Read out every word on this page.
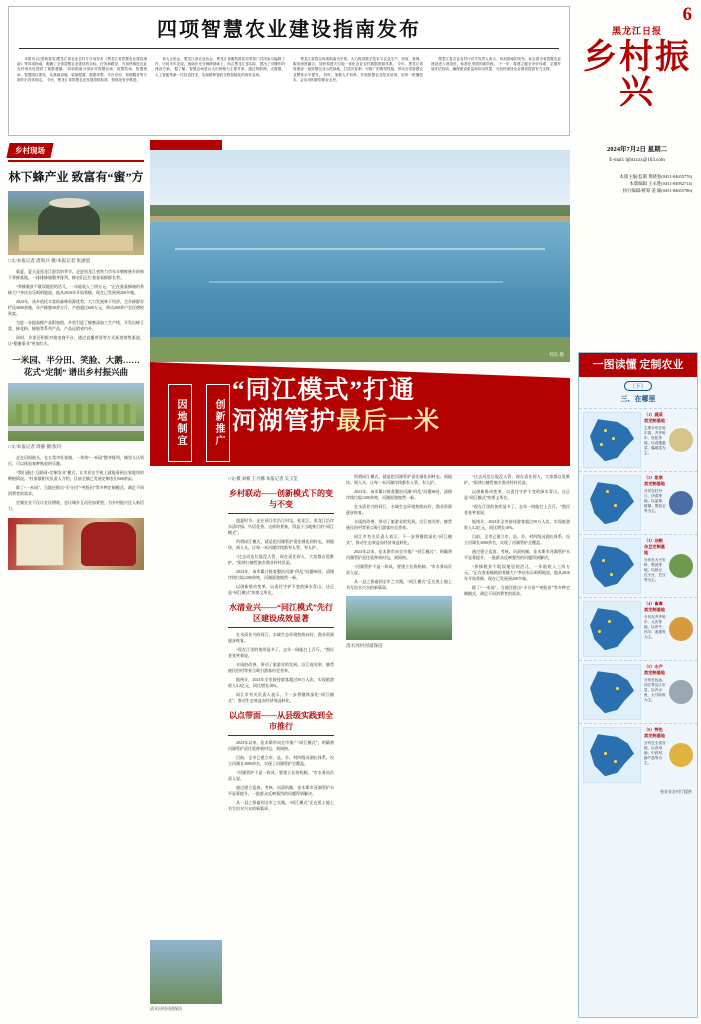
四项智慧农业建设指南发布

本报讯 (记者黄春英)黑龙江省农业农村厅日前发布《黑龙江省智慧农业建设指南》等四项指南，明确了全省智慧农业建设的目标、任务和路径，为加快推进农业农村现代化提供了重要遵循。 四项指南分别针对智慧农场、智慧牧场、智慧渔场、智慧园区建设，从基础设施、装备配置、数据采集、平台应用、管理服务等方面作出具体规定。 今后，黑龙江省智慧农业发展将按标准、按规范有序推进。

省大豆协会、黑龙江省农业协会、黑龙江省畜牧兽医局等部门共同参与编制工作，历时半年完成。指南在充分调研基础上，结合黑龙江省实际，提出了可操作的建设方案。 据了解，智慧农场是以大田种植为主要对象，通过物联网、大数据、人工智能等新一代信息技术，实现耕种管收全程智能化的现代农场。

黑龙江省将以四项指南为引领，大力推进数字技术与农业生产、经营、管理、服务深度融合，加快构建天空地一体化农业农村数据资源体系。 今年，黑龙江省将建设一批智慧农业示范基地，打造可复制、可推广的典型样板，带动全省智慧农业整体水平提升。 同时，加强人才培养，开展智慧农业技术培训，培育一批懂技术、会应用的新型职业农民。

黑龙江省农业农村厅有关负责人表示，四项指南的发布，标志着全省智慧农业建设进入规范化、标准化发展的新阶段。 下一步，将建立健全评价体系，定期开展评估验收，确保建设质量和应用效果，为加快建设农业强省提供有力支撑。

6
黑龙江日报
乡村振兴
2024年7月2日 星期二
E-mail: hjbtxczx@163.com
本版主编/监制 黄晓春(0451-84655776)
本版编辑 王永胜(0451-84082714)
执行编辑/统筹 姜 颖(0451-84655786)
乡村现场
林下蜂产业 致富有“蜜”方
□文/本报记者 唐海兵 摄/本报记者 张澍宸

临夏，夏天是黑龙江最美的季节。走进黑龙江省铁力市年丰朝鲜族乡的林下养蜂基地，一排排蜂箱整齐排列，蜂农们正忙着查看蜂群长势。

“养蜂脱贫不耽误地里的活儿，一年能收入三四万元。”正在查看蜂箱的养蜂大户李庆东乐呵呵地说，他从2016年开始养蜂，现在已发展到200多箱。

2023年，该乡依托丰富的森林资源优势，大力发展林下经济，全乡蜂群存栏达3000余箱，年产蜂蜜30余万斤，产值超过600万元，带动200余户农民增收致富。

为进一步提高蜂产品附加值，乡里引进了蜂蜜深加工生产线，开发出蜂王浆、蜂花粉、蜂胶等系列产品，产品远销省内外。

同时，乡里还积极对接电商平台，通过直播带货等方式拓宽销售渠道，让“甜蜜事业”更加红火。

一米园、半分田、笑脸、大鹅…… 花式“定制” 谱出乡村振兴曲
□文/本报记者 周静 摄/张玲

走在田间地头，在五常市杜家镇，一块块“一米园”整齐排列，城里人认领后，可以体验春种秋收的乐趣。

“我们通过‘互联网+定制农业’模式，让市民在手机上就能看到自家地块的种植情况。”杜家镇相关负责人介绍，目前全镇已发展定制农田500余亩。

除了“一米园”，当地还推出“半分田”“笑脸田”等多种定制模式，满足不同消费者的需求。

定制农业不仅让农民增收，也让城乡互动更加紧密，为乡村振兴注入新活力。

何东 摄
因地制宜	创新推广
“同江模式”打通
河湖管护最后一米
□文/摄 刘栋 王月娜 本报记者 吴玉玺
乡村联动——创新模式下的变与不变

盛夏时节，走在同江市沿江村屯，松花江、黑龙江沿岸水清岸绿、鸟语花香。这样的景象，得益于当地推行的“同江模式”。

所谓同江模式，就是把河湖管护责任细化到村屯、到地块、到人头，让每一米河湖岸线都有人管、有人护。

“过去河边垃圾没人管，现在责任到人，大家都自觉维护。”街津口赫哲族乡渔业村村民说。

2023年，该市累计排查整治河湖“四乱”问题86处，清理岸线垃圾1200余吨，河湖面貌焕然一新。

以创新推动变革，以责任守护不变的绿水青山，这正是“同江模式”的要义所在。

水清业兴——“同江模式”先行区建设成效显著

在水清业兴的同江，水域生态环境持续向好，渔业资源逐步恢复。

“现在江里的鱼明显多了，去年一网能打上百斤。”渔民老张笑着说。

水质的改善，带动了旅游业的发展。沿江观光带、赫哲族民俗村等景点吸引游客纷至沓来。

据统计，2023年全市接待游客超过50万人次，实现旅游收入3.2亿元，同比增长18%。

同江市有关负责人表示，下一步将继续深化“同江模式”，推动生态效益向经济效益转化。

以点带面——从县级实践到全市推行

2023年以来，佳木斯市向全市推广“同江模式”，明确将河湖管护责任延伸到村屯、到网格。

目前，全市已建立市、县、乡、村四级河湖长体系，设立河湖长3000余名，实现了河湖管护全覆盖。

“河湖管护不是一阵风，要建立长效机制。”市水务局负责人说。

通过建立巡查、考核、问责机制，佳木斯市河湖管护水平显著提升，一批群众反映强烈的问题得到解决。

从一县之探索到全市之实践，“同江模式”正在黑土地上书写治水兴水的新篇章。

所谓同江模式，就是把河湖管护责任细化到村屯、到地块、到人头，让每一米河湖岸线都有人管、有人护。

2023年，该市累计排查整治河湖“四乱”问题86处，清理岸线垃圾1200余吨，河湖面貌焕然一新。

在水清业兴的同江，水域生态环境持续向好，渔业资源逐步恢复。

水质的改善，带动了旅游业的发展。沿江观光带、赫哲族民俗村等景点吸引游客纷至沓来。

同江市有关负责人表示，下一步将继续深化“同江模式”，推动生态效益向经济效益转化。

2023年以来，佳木斯市向全市推广“同江模式”，明确将河湖管护责任延伸到村屯、到网格。

“河湖管护不是一阵风，要建立长效机制。”市水务局负责人说。

从一县之探索到全市之实践，“同江模式”正在黑土地上书写治水兴水的新篇章。

清水河村河道保洁

“过去河边垃圾没人管，现在责任到人，大家都自觉维护。”街津口赫哲族乡渔业村村民说。

以创新推动变革，以责任守护不变的绿水青山，这正是“同江模式”的要义所在。

“现在江里的鱼明显多了，去年一网能打上百斤。”渔民老张笑着说。

据统计，2023年全市接待游客超过50万人次，实现旅游收入3.2亿元，同比增长18%。

目前，全市已建立市、县、乡、村四级河湖长体系，设立河湖长3000余名，实现了河湖管护全覆盖。

通过建立巡查、考核、问责机制，佳木斯市河湖管护水平显著提升，一批群众反映强烈的问题得到解决。

“养蜂脱贫不耽误地里的活儿，一年能收入三四万元。”正在查看蜂箱的养蜂大户李庆东乐呵呵地说，他从2016年开始养蜂，现在已发展到200多箱。

除了“一米园”，当地还推出“半分田”“笑脸田”等多种定制模式，满足不同消费者的需求。

一图读懂 定制农业
（下）
三、在哪里
（1）蔬菜类定制基地
主要分布在哈尔滨、齐齐哈尔、绥化等地，以设施蔬菜、露地菜为主。
（2）浆果类定制基地
分布在牡丹江、伊春等地，以蓝莓、树莓、黑加仑等为主。
（3）杂粮杂豆定制基地
分布在大兴安岭、黑河等地，以绿豆、红小豆、芸豆等为主。
（4）畜禽类定制基地
分布在齐齐哈尔、大庆等地，以肉牛、肉羊、禽蛋等为主。
（5）水产类定制基地
分布在抚远、同江等沿江市县，以冷水鱼、大马哈鱼为主。
（6）特色类定制基地
分布在全省各地，以食用菌、中药材、蜂产品等为主。
省农业农村厅提供
清水河村河道保洁
